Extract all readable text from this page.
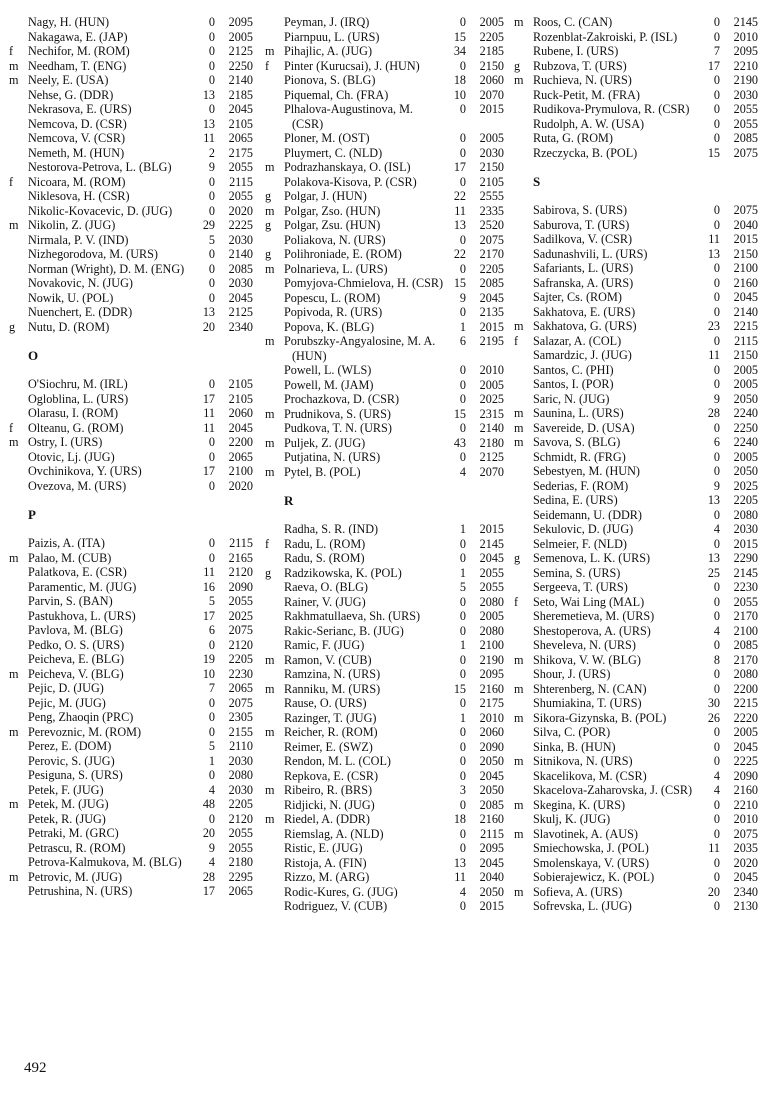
Nagy, H. (HUN)	0	2095
Nakagawa, E. (JAP)	0	2005
f	Nechifor, M. (ROM)	0	2125
m Needham, T. (ENG)	0	2250
m Neely, E. (USA)	0	2140
Nehse, G. (DDR)	13	2185
Nekrasova, E. (URS)	0	2045
Nemcova, D. (CSR)	13	2105
Nemcova, V. (CSR)	11	2065
Nemeth, M. (HUN)	2	2175
Nestorova-Petrova, L. (BLG)	9	2055
f	Nicoara, M. (ROM)	0	2115
Niklesova, H. (CSR)	0	2055
Nikolic-Kovacevic, D. (JUG)	0	2020
m Nikolin, Z. (JUG)	29	2225
Nirmala, P. V. (IND)	5	2030
Nizhegorodova, M. (URS)	0	2140
Norman (Wright), D. M. (ENG)	0	2085
Novakovic, N. (JUG)	0	2030
Nowik, U. (POL)	0	2045
Nuenchert, E. (DDR)	13	2125
g	Nutu, D. (ROM)	20	2340
O
O'Siochru, M. (IRL)	0	2105
Ogloblina, L. (URS)	17	2105
Olarasu, I. (ROM)	11	2060
f	Olteanu, G. (ROM)	11	2045
m Ostry, I. (URS)	0	2200
Otovic, Lj. (JUG)	0	2065
Ovchinikova, Y. (URS)	17	2100
Ovezova, M. (URS)	0	2020
P
Paizis, A. (ITA)	0	2115
m Palao, M. (CUB)	0	2165
Palatkova, E. (CSR)	11	2120
Paramentic, M. (JUG)	16	2090
Parvin, S. (BAN)	5	2055
Pastukhova, L. (URS)	17	2025
Pavlova, M. (BLG)	6	2075
Pedko, O. S. (URS)	0	2120
Peicheva, E. (BLG)	19	2205
m Peicheva, V. (BLG)	10	2230
Pejic, D. (JUG)	7	2065
Pejic, M. (JUG)	0	2075
Peng, Zhaoqin (PRC)	0	2305
m Perevoznic, M. (ROM)	0	2155
Perez, E. (DOM)	5	2110
Perovic, S. (JUG)	1	2030
Pesiguna, S. (URS)	0	2080
Petek, F. (JUG)	4	2030
m Petek, M. (JUG)	48	2205
Petek, R. (JUG)	0	2120
Petraki, M. (GRC)	20	2055
Petrascu, R. (ROM)	9	2055
Petrova-Kalmukova, M. (BLG)	4	2180
m Petrovic, M. (JUG)	28	2295
Petrushina, N. (URS)	17	2065
Peyman, J. (IRQ)	0	2005
Piarnpuu, L. (URS)	15	2205
m Pihajlic, A. (JUG)	34	2185
f	Pinter (Kurucsai), J. (HUN)	0	2150
Pionova, S. (BLG)	18	2060
Piquemal, Ch. (FRA)	10	2070
Plhalova-Augustinova, M. (CSR)
0	2015
Ploner, M. (OST)	0	2005
Pluymert, C. (NLD)	0	2030
m Podrazhanskaya, O. (ISL)	17	2150
Polakova-Kisova, P. (CSR)	0	2105
g	Polgar, J. (HUN)	22	2555
m Polgar, Zso. (HUN)	11	2335
g	Polgar, Zsu. (HUN)	13	2520
Poliakova, N. (URS)	0	2075
g	Polihroniade, E. (ROM)	22	2170
m Polnarieva, L. (URS)	0	2205
Pomyjova-Chmielova, H. (CSR) 15	2085
Popescu, L. (ROM)	9	2045
Popivoda, R. (URS)	0	2135
Popova, K. (BLG)	1	2015
m Porubszky-Angyalosine, M. A. (HUN)
6	2195
Powell, L. (WLS)	0	2010
Powell, M. (JAM)	0	2005
Prochazkova, D. (CSR)	0	2025
m Prudnikova, S. (URS)	15	2315
Pudkova, T. N. (URS)	0	2140
m Puljek, Z. (JUG)	43	2180
Putjatina, N. (URS)	0	2125
m Pytel, B. (POL)	4	2070
R
Radha, S. R. (IND)	1	2015
f	Radu, L. (ROM)	0	2145
Radu, S. (ROM)	0	2045
g	Radzikowska, K. (POL)	1	2055
Raeva, O. (BLG)	5	2055
Rainer, V. (JUG)	0	2080
Rakhmatullaeva, Sh. (URS)	0	2005
Rakic-Serianc, B. (JUG)	0	2080
Ramic, F. (JUG)	1	2100
m Ramon, V. (CUB)	0	2190
Ramzina, N. (URS)	0	2095
m Ranniku, M. (URS)	15	2160
Rause, O. (URS)	0	2175
Razinger, T. (JUG)	1	2010
m Reicher, R. (ROM)	0	2060
Reimer, E. (SWZ)	0	2090
Rendon, M. L. (COL)	0	2050
Repkova, E. (CSR)	0	2045
m Ribeiro, R. (BRS)	3	2050
Ridjicki, N. (JUG)	0	2085
m Riedel, A. (DDR)	18	2160
Riemslag, A. (NLD)	0	2115
Ristic, E. (JUG)	0	2095
Ristoja, A. (FIN)	13	2045
Rizzo, M. (ARG)	11	2040
Rodic-Kures, G. (JUG)	4	2050
Rodriguez, V. (CUB)	0	2015
m Roos, C. (CAN)	0	2145
Rozenblat-Zakroiski, P. (ISL)	0	2010
Rubene, I. (URS)	7	2095
g	Rubzova, T. (URS)	17	2210
m Ruchieva, N. (URS)	0	2190
Ruck-Petit, M. (FRA)	0	2030
Rudikova-Prymulova, R. (CSR)	0	2055
Rudolph, A. W. (USA)	0	2055
Ruta, G. (ROM)	0	2085
Rzeczycka, B. (POL)	15	2075
S
Sabirova, S. (URS)	0	2075
Saburova, T. (URS)	0	2040
Sadilkova, V. (CSR)	11	2015
Sadunashvili, L. (URS)	13	2150
Safariants, L. (URS)	0	2100
Safranska, A. (URS)	0	2160
Sajter, Cs. (ROM)	0	2045
Sakhatova, E. (URS)	0	2140
m Sakhatova, G. (URS)	23	2215
f	Salazar, A. (COL)	0	2115
Samardzic, J. (JUG)	11	2150
Santos, C. (PHI)	0	2005
Santos, I. (POR)	0	2005
Saric, N. (JUG)	9	2050
m Saunina, L. (URS)	28	2240
m Savereide, D. (USA)	0	2250
m Savova, S. (BLG)	6	2240
Schmidt, R. (FRG)	0	2005
Sebestyen, M. (HUN)	0	2050
Sederias, F. (ROM)	9	2025
Sedina, E. (URS)	13	2205
Seidemann, U. (DDR)	0	2080
Sekulovic, D. (JUG)	4	2030
Selmeier, F. (NLD)	0	2015
g	Semenova, L. K. (URS)	13	2290
Semina, S. (URS)	25	2145
Sergeeva, T. (URS)	0	2230
f	Seto, Wai Ling (MAL)	0	2055
Sheremetieva, M. (URS)	0	2170
Shestoperova, A. (URS)	4	2100
Sheveleva, N. (URS)	0	2085
m Shikova, V. W. (BLG)	8	2170
Shour, J. (URS)	0	2080
m Shterenberg, N. (CAN)	0	2200
Shumiakina, T. (URS)	30	2215
m Sikora-Gizynska, B. (POL)	26	2220
Silva, C. (POR)	0	2005
Sinka, B. (HUN)	0	2045
m Sitnikova, N. (URS)	0	2225
Skacelikova, M. (CSR)	4	2090
Skacelova-Zaharovska, J. (CSR)	4	2160
m Skegina, K. (URS)	0	2210
Skulj, K. (JUG)	0	2010
m Slavotinek, A. (AUS)	0	2075
Smiechowska, J. (POL)	11	2035
Smolenskaya, V. (URS)	0	2020
Sobierajewicz, K. (POL)	0	2045
m Sofieva, A. (URS)	20	2340
Sofrevska, L. (JUG)	0	2130
492
